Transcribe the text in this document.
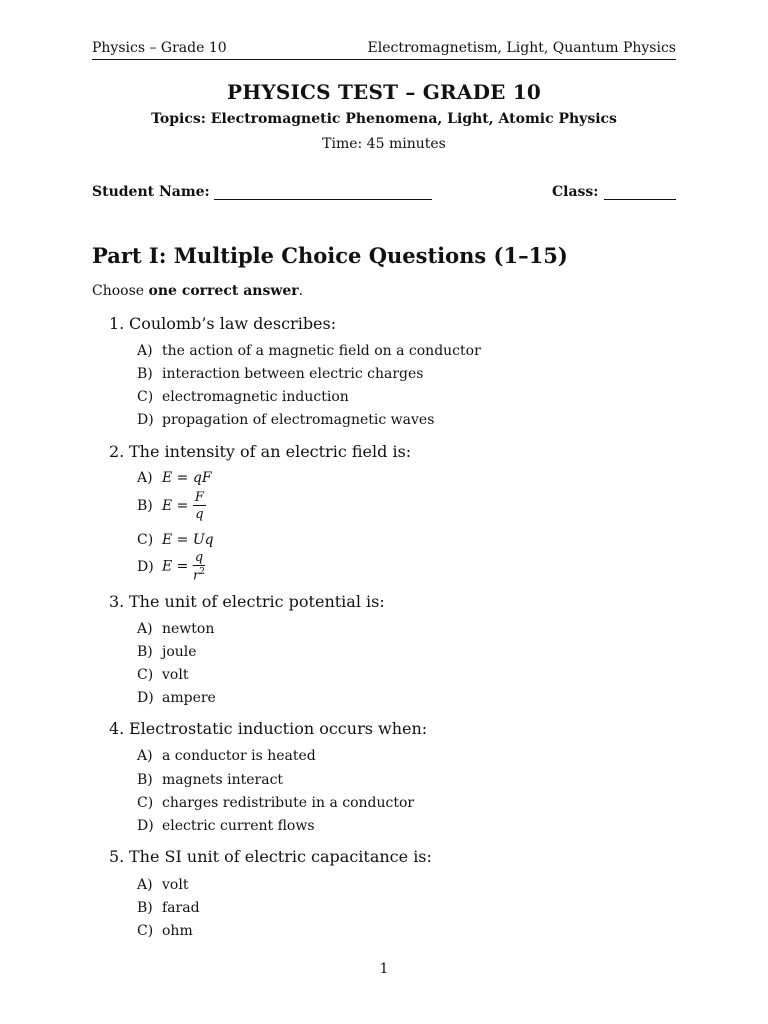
Physics – Grade 10	Electromagnetism, Light, Quantum Physics
PHYSICS TEST – GRADE 10
Topics: Electromagnetic Phenomena, Light, Atomic Physics
Time: 45 minutes
Student Name:	Class:
Part I: Multiple Choice Questions (1–15)
Choose one correct answer.
1. Coulomb’s law describes:
A) the action of a magnetic field on a conductor
B) interaction between electric charges
C) electromagnetic induction
D) propagation of electromagnetic waves
2. The intensity of an electric field is:
A) E = qF
B) $E = \frac{F}{q}$
C) E = Uq
D) $E = \frac{q}{r^2}$
3. The unit of electric potential is:
A) newton
B) joule
C) volt
D) ampere
4. Electrostatic induction occurs when:
A) a conductor is heated
B) magnets interact
C) charges redistribute in a conductor
D) electric current flows
5. The SI unit of electric capacitance is:
A) volt
B) farad
C) ohm
1
